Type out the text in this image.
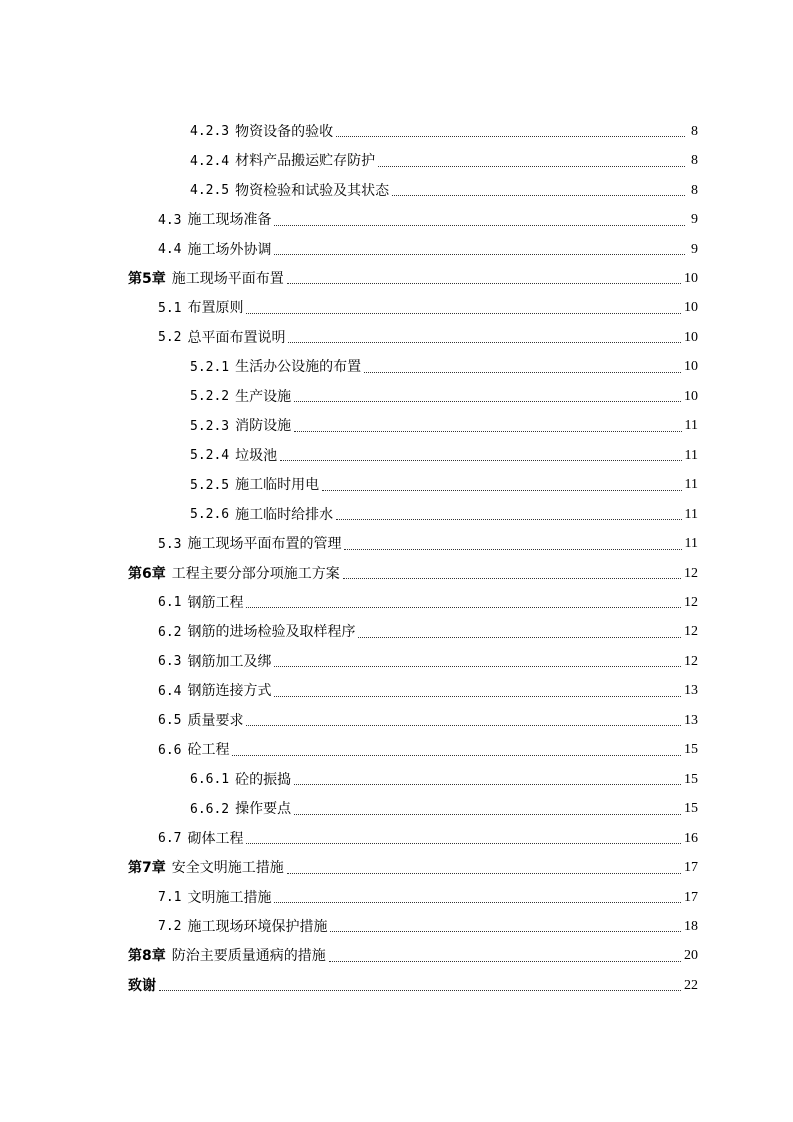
4.2.3 物资设备的验收	8
4.2.4 材料产品搬运贮存防护	8
4.2.5 物资检验和试验及其状态	8
4.3 施工现场准备	9
4.4 施工场外协调	9
第5章 施工现场平面布置	10
5.1 布置原则	10
5.2 总平面布置说明	10
5.2.1 生活办公设施的布置	10
5.2.2 生产设施	10
5.2.3 消防设施	11
5.2.4 垃圾池	11
5.2.5 施工临时用电	11
5.2.6 施工临时给排水	11
5.3 施工现场平面布置的管理	11
第6章 工程主要分部分项施工方案	12
6.1 钢筋工程	12
6.2 钢筋的进场检验及取样程序	12
6.3 钢筋加工及绑	12
6.4 钢筋连接方式	13
6.5 质量要求	13
6.6 砼工程	15
6.6.1 砼的振捣	15
6.6.2 操作要点	15
6.7 砌体工程	16
第7章 安全文明施工措施	17
7.1 文明施工措施	17
7.2 施工现场环境保护措施	18
第8章 防治主要质量通病的措施	20
致谢	22
